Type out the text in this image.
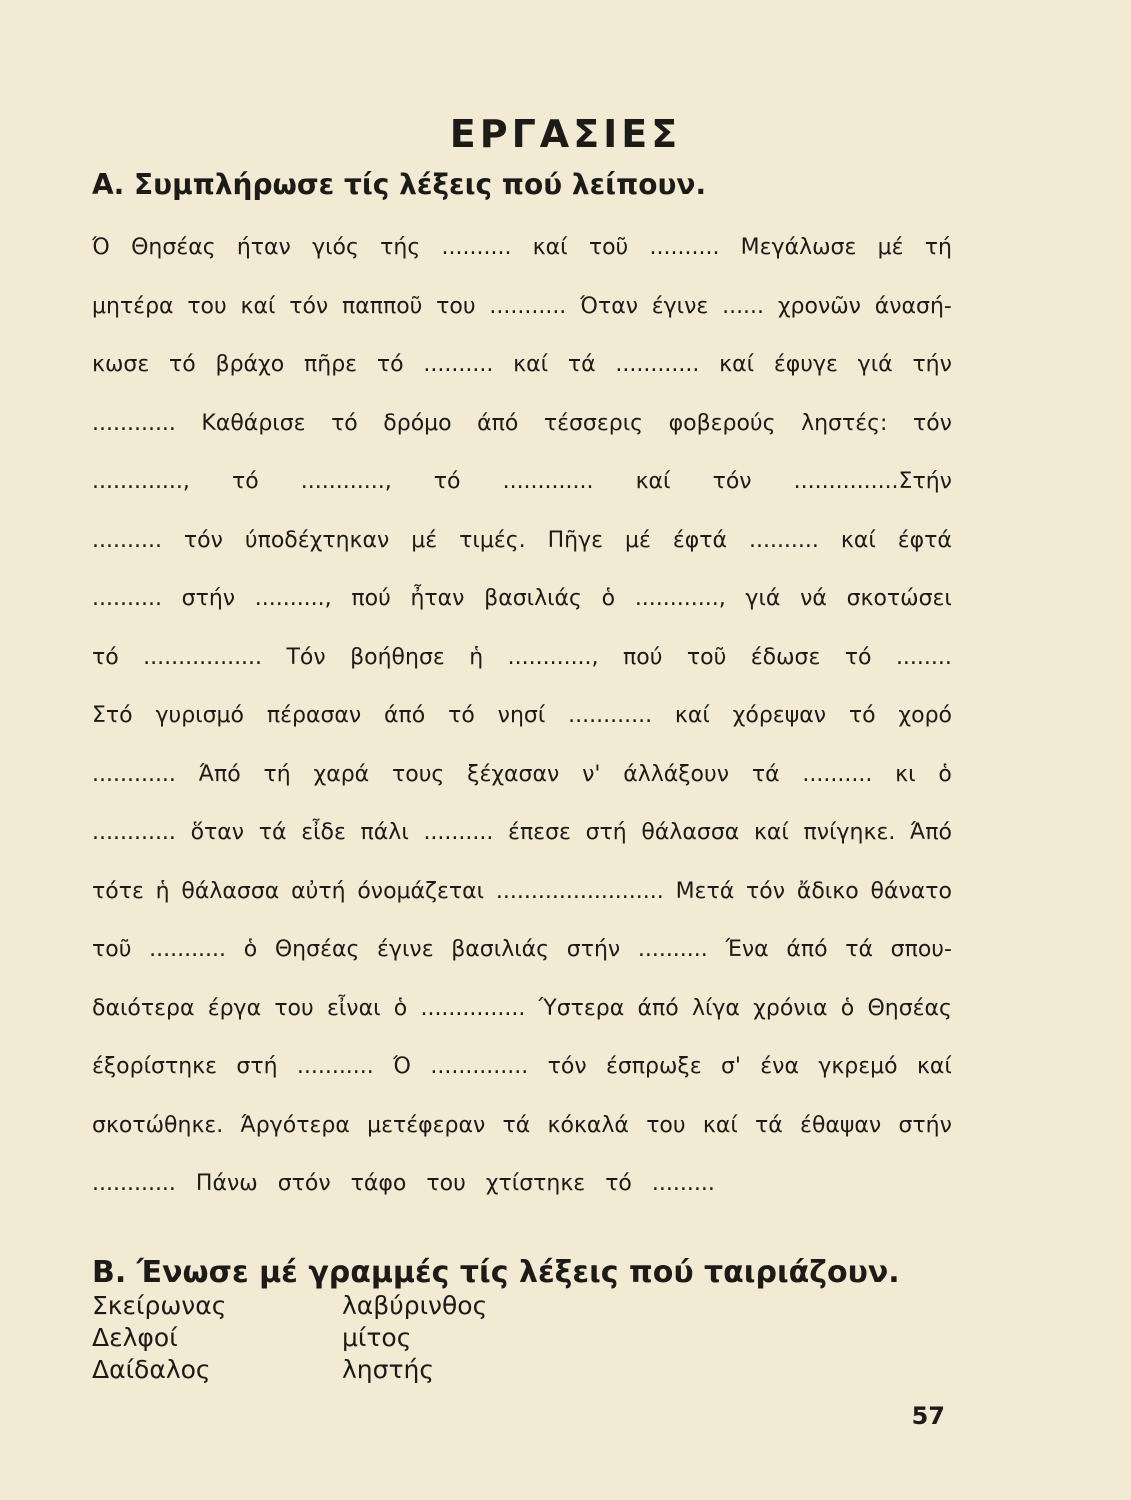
ΕΡΓΑΣΙΕΣ
Α. Συμπλήρωσε τίς λέξεις πού λείπουν.
Ό Θησέας ήταν γιός τής .......... καί τοῦ .......... Μεγάλωσε μέ τή
μητέρα του καί τόν παπποῦ του ........... Όταν έγινε ...... χρονῶν άνασή-
κωσε τό βράχο πῆρε τό .......... καί τά ............ καί έφυγε γιά τήν
............ Καθάρισε τό δρόμο άπό τέσσερις φοβερούς ληστές: τόν
............., τό ............, τό ............. καί τόν ...............Στήν
.......... τόν ύποδέχτηκαν μέ τιμές. Πῆγε μέ έφτά .......... καί έφτά
.......... στήν .........., πού ἦταν βασιλιάς ὁ ............, γιά νά σκοτώσει
τό ................. Τόν βοήθησε ἡ ............, πού τοῦ έδωσε τό ........
Στό γυρισμό πέρασαν άπό τό νησί ............ καί χόρεψαν τό χορό
............ Άπό τή χαρά τους ξέχασαν ν' άλλάξουν τά .......... κι ὁ
............ ὅταν τά εἶδε πάλι .......... έπεσε στή θάλασσα καί πνίγηκε. Άπό
τότε ἡ θάλασσα αὐτή όνομάζεται ........................ Μετά τόν ἄδικο θάνατο
τοῦ ........... ὁ Θησέας έγινε βασιλιάς στήν .......... Ένα άπό τά σπου-
δαιότερα έργα του εἶναι ὁ ............... Ύστερα άπό λίγα χρόνια ὁ Θησέας
έξορίστηκε στή ........... Ό .............. τόν έσπρωξε σ' ένα γκρεμό καί
σκοτώθηκε. Άργότερα μετέφεραν τά κόκαλά του καί τά έθαψαν στήν
............ Πάνω στόν τάφο του χτίστηκε τό .........
Β. Ένωσε μέ γραμμές τίς λέξεις πού ταιριάζουν.
Σκείρωνας
Δελφοί
Δαίδαλος
λαβύρινθος
μίτος
ληστής
57
